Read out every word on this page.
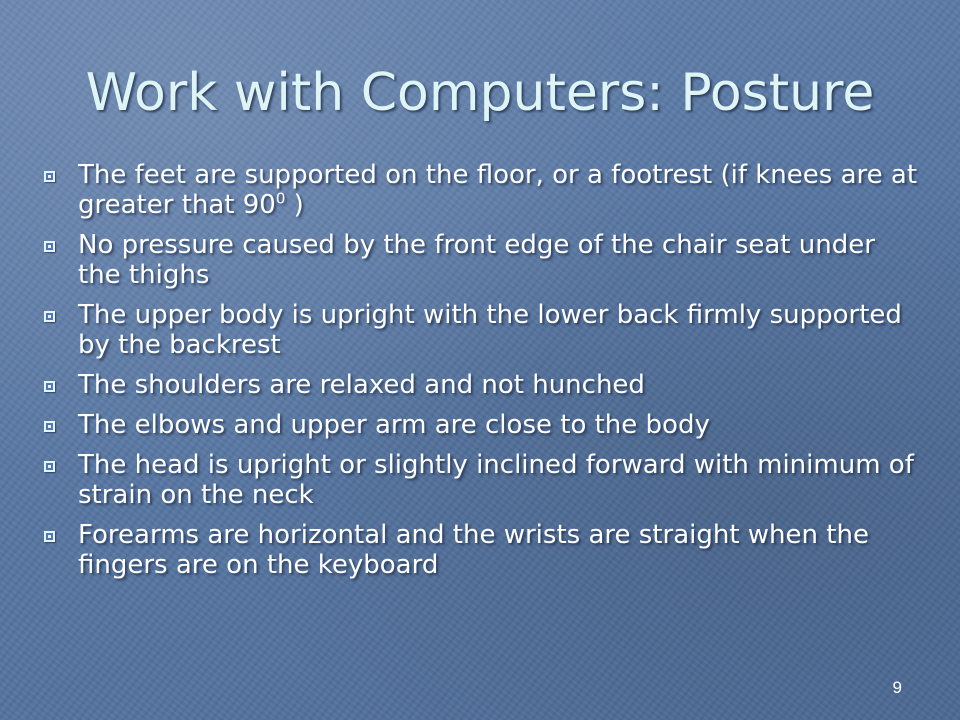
Work with Computers: Posture
The feet are supported on the floor, or a footrest (if knees are at greater that $90^0$ )
No pressure caused by the front edge of the chair seat under the thighs
The upper body is upright with the lower back firmly supported by the backrest
The shoulders are relaxed and not hunched
The elbows and upper arm are close to the body
The head is upright or slightly inclined forward with minimum of strain on the neck
Forearms are horizontal and the wrists are straight when the fingers are on the keyboard
9
